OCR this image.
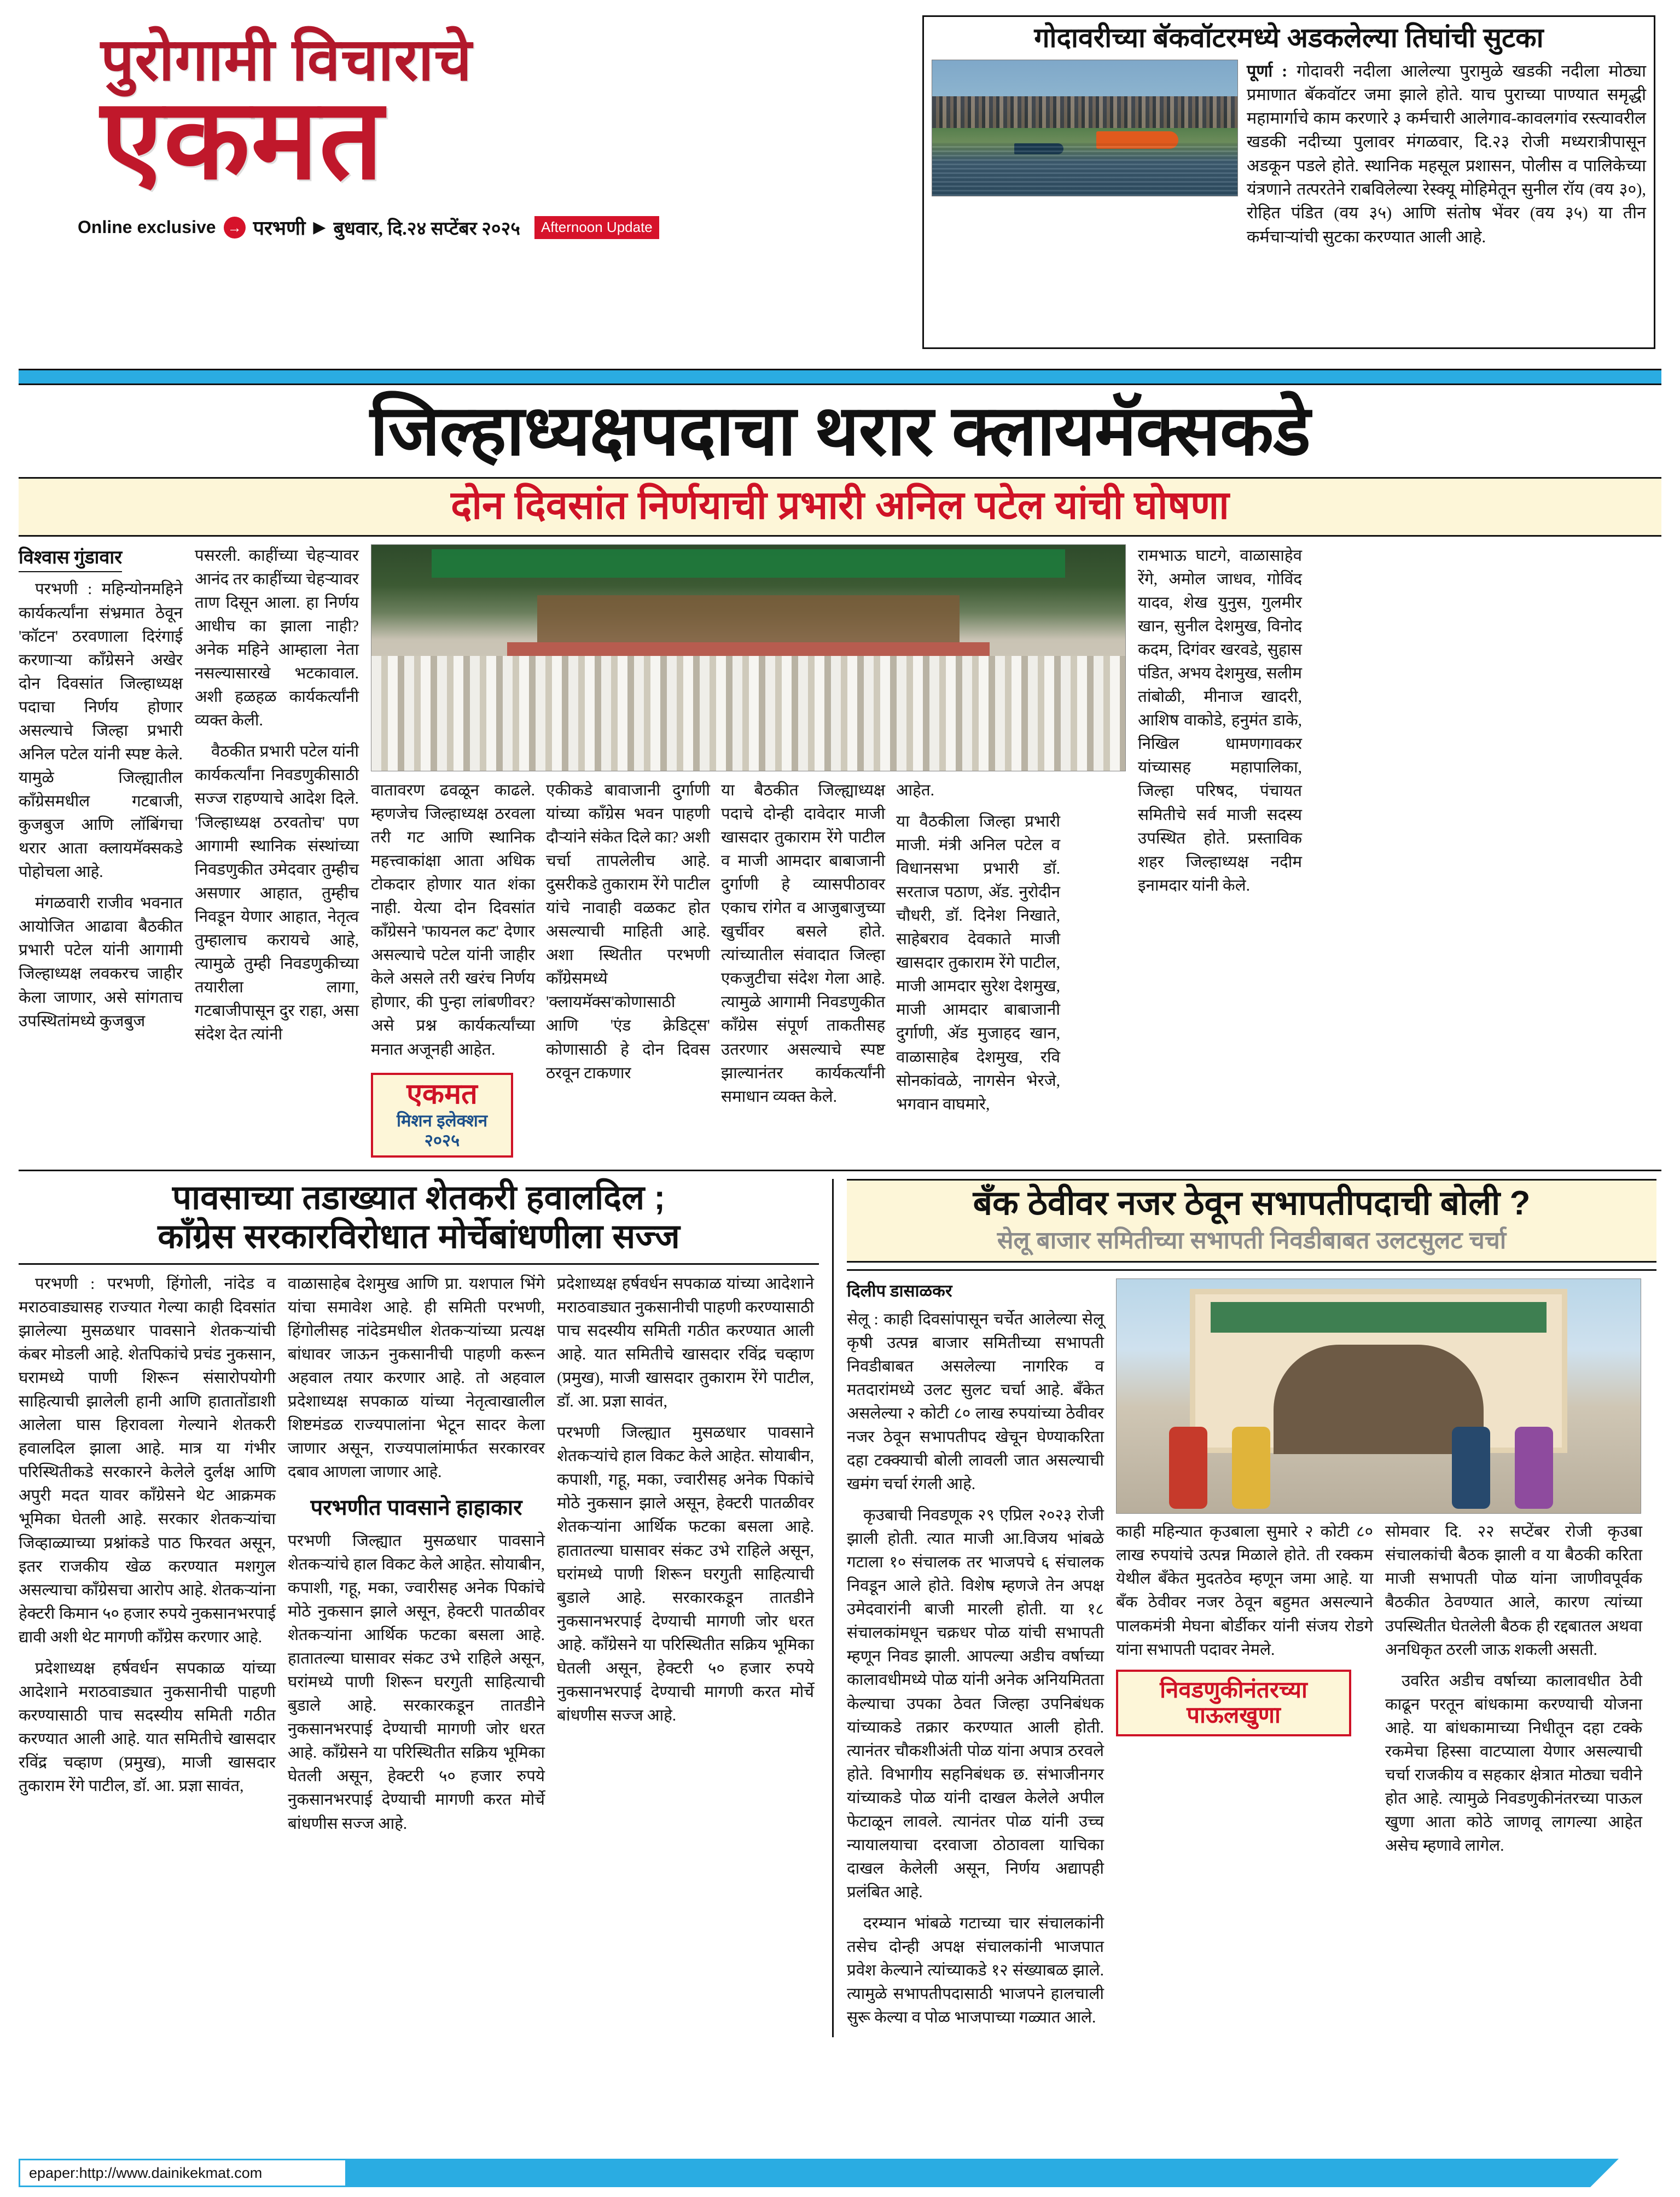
पुरोगामी विचाराचे
एकमत
Online exclusive → परभणी ▶ बुधवार, दि.२४ सप्टेंबर २०२५	Afternoon Update
गोदावरीच्या बॅकवॉटरमध्ये अडकलेल्या तिघांची सुटका
पूर्णा : गोदावरी नदीला आलेल्या पुरामुळे खडकी नदीला मोठ्या प्रमाणात बॅकवॉटर जमा झाले होते. याच पुराच्या पाण्यात समृद्धी महामार्गाचे काम करणारे ३ कर्मचारी आलेगाव-कावलगांव रस्त्यावरील खडकी नदीच्या पुलावर मंगळवार, दि.२३ रोजी मध्यरात्रीपासून अडकून पडले होते. स्थानिक महसूल प्रशासन, पोलीस व पालिकेच्या यंत्रणाने तत्परतेने राबविलेल्या रेस्क्यू मोहिमेतून सुनील रॉय (वय ३०), रोहित पंडित (वय ३५) आणि संतोष भेंवर (वय ३५) या तीन कर्मचाऱ्यांची सुटका करण्यात आली आहे.
जिल्हाध्यक्षपदाचा थरार क्लायमॅक्सकडे
दोन दिवसांत निर्णयाची प्रभारी अनिल पटेल यांची घोषणा
विश्वास गुंडावार

परभणी : महिन्योनमहिने कार्यकर्त्यांना संभ्रमात ठेवून 'कॉटन' ठरवणाला दिरंगाई करणाऱ्या काँग्रेसने अखेर दोन दिवसांत जिल्हाध्यक्ष पदाचा निर्णय होणार असल्याचे जिल्हा प्रभारी अनिल पटेल यांनी स्पष्ट केले. यामुळे जिल्ह्यातील काँग्रेसमधील गटबाजी, कुजबुज आणि लॉबिंगचा थरार आता क्लायमॅक्सकडे पोहोचला आहे.

मंगळवारी राजीव भवनात आयोजित आढावा बैठकीत प्रभारी पटेल यांनी आगामी जिल्हाध्यक्ष लवकरच जाहीर केला जाणार, असे सांगताच उपस्थितांमध्ये कुजबुज

पसरली. काहींच्या चेहऱ्यावर आनंद तर काहींच्या चेहऱ्यावर ताण दिसून आला. हा निर्णय आधीच का झाला नाही? अनेक महिने आम्हाला नेता नसल्यासारखे भटकावाल. अशी हळहळ कार्यकर्त्यांनी व्यक्त केली.

वैठकीत प्रभारी पटेल यांनी कार्यकर्त्यांना निवडणुकीसाठी सज्ज राहण्याचे आदेश दिले. 'जिल्हाध्यक्ष ठरवतोच' पण आगामी स्थानिक संस्थांच्या निवडणुकीत उमेदवार तुम्हीच असणार आहात, तुम्हीच निवडून येणार आहात, नेतृत्व तुम्हालाच करायचे आहे, त्यामुळे तुम्ही निवडणुकीच्या तयारीला लागा, गटबाजीपासून दुर राहा, असा संदेश देत त्यांनी

वातावरण ढवळून काढले. म्हणजेच जिल्हाध्यक्ष ठरवला तरी गट आणि स्थानिक महत्त्वाकांक्षा आता अधिक टोकदार होणार यात शंका नाही. येत्या दोन दिवसांत काँग्रेसने 'फायनल कट' देणार असल्याचे पटेल यांनी जाहीर केले असले तरी खरंच निर्णय होणार, की पुन्हा लांबणीवर? असे प्रश्न कार्यकर्त्यांच्या मनात अजूनही आहेत.

एकमत
मिशन इलेक्शन
२०२५

एकीकडे बावाजानी दुर्गाणी यांच्या काँग्रेस भवन पाहणी दौऱ्यांने संकेत दिले का? अशी चर्चा ताप‍लेलीच आहे. दुसरीकडे तुकाराम रेंगे पाटील यांचे नावाही वळकट होत असल्याची माहिती आहे. अशा स्थितीत परभणी काँग्रेसमध्ये 'क्लायमॅक्स'कोणासाठी आणि 'एंड क्रेडिट्स' कोणासाठी हे दोन दिवस ठरवून टाकणार

या बैठकीत जिल्ह्याध्यक्ष पदाचे दोन्ही दावेदार माजी खासदार तुकाराम रेंगे पाटील व माजी आमदार बाबाजानी दुर्गाणी हे व्यासपीठावर एकाच रांगेत व आजुबाजुच्या खुर्चीवर बसले होते. त्यांच्यातील संवादात जिल्हा एकजुटीचा संदेश गेला आहे. त्यामुळे आगामी निवडणुकीत काँग्रेस संपूर्ण ताकतीसह उतरणार असल्याचे स्पष्ट झाल्यानंतर कार्यकर्त्यांनी समाधान व्यक्त केले.

आहेत.

या वैठकीला जिल्हा प्रभारी माजी. मंत्री अनिल पटेल व विधानसभा प्रभारी डॉ. सरताज पठाण, अ‍ॅड. नुरोदीन चौधरी, डॉ. दिनेश निखाते, साहेबराव देवकाते माजी खासदार तुकाराम रेंगे पाटील, माजी आमदार सुरेश देशमुख, माजी आमदार बाबाजानी दुर्गाणी, अ‍ॅड मुजाहद खान, वाळासाहेब देशमुख, रवि सोनकांवळे, नागसेन भेरजे, भगवान वाघमारे,

रामभाऊ घाटगे, वाळासाहेव रेंगे, अमोल जाधव, गोविंद यादव, शेख युनुस, गुलमीर खान, सुनील देशमुख, विनोद कदम, दिगंवर खरवडे, सुहास पंडित, अभय देशमुख, सलीम तांबोळी, मीनाज खादरी, आशिष वाकोडे, हनुमंत डाके, निखिल धामणगावकर यांच्यासह महापालिका, जिल्हा परिषद, पंचायत समितीचे सर्व माजी सदस्य उपस्थित होते. प्रस्ताविक शहर जिल्हाध्यक्ष नदीम इनामदार यांनी केले.

पावसाच्या तडाख्यात शेतकरी हवालदिल ;
काँग्रेस सरकारविरोधात मोर्चेबांधणीला सज्ज

परभणी : परभणी, हिंगोली, नांदेड व मराठवाड्यासह राज्यात गेल्या काही दिवसांत झालेल्या मुसळधार पावसाने शेतकऱ्यांची कंबर मोडली आहे. शेतपिकांचे प्रचंड नुकसान, घराम‍ध्ये पाणी शिरून संसारोपयोगी साहित्याची झालेली हानी आणि हातातोंडाशी आलेला घास हिरावला गेल्याने शेतकरी हवालदिल झाला आहे. मात्र या गंभीर परिस्थितीकडे सरकारने केलेले दुर्लक्ष आणि अपुरी मदत यावर काँग्रेसने थेट आक्रमक भूमिका घेतली आहे. सरकार शेतकऱ्यांचा जिव्हाळ्याच्या प्रश्नांकडे पाठ फिरवत असून, इतर राजकीय खेळ करण्यात मशगुल असल्याचा काँग्रेसचा आरोप आहे. शेतकऱ्यांना हेक्टरी किमान ५० हजार रुपये नुकसानभरपाई द्यावी अशी थेट मागणी काँग्रेस करणार आहे.

प्रदेशाध्यक्ष हर्षवर्धन सपकाळ यांच्या आदेशाने मराठवाड्यात नुकसानीची पाहणी करण्यासाठी पाच सदस्यीय समिती गठीत करण्यात आली आहे. यात समितीचे खासदार रविंद्र चव्हाण (प्रमुख), माजी खासदार तुकाराम रेंगे पाटील, डॉ. आ. प्रज्ञा सावंत,

वाळासाहेब देशमुख आणि प्रा. यशपाल भिंगे यांचा समावेश आहे. ही समिती परभणी, हिंगोलीसह नांदेडम‍धील शेतकऱ्यांच्या प्रत्यक्ष बांधावर जाऊन नुकसानीची पाहणी करून अहवाल तयार करणार आहे. तो अहवाल प्रदेशाध्यक्ष सपकाळ यांच्या नेतृत्वाखालील शिष्टमंडळ राज्यपालांना भेटून सादर केला जाणार असून, राज्यपालांमार्फत सरकारवर दबाव आणला जाणार आहे.

परभणीत पावसाने हाहाकार

परभणी जिल्ह्यात मुसळधार पावसाने शेतकऱ्यांचे हाल विकट केले आहेत. सोयाबीन, कपाशी, गहू, मका, ज्वारीसह अनेक पिकांचे मोठे नुकसान झाले असून, हेक्टरी पातळीवर शेतकऱ्यांना आर्थिक फटका बसला आहे. हातातल्या घासावर संकट उभे राहिले असून, घरांमध्ये पाणी शिरून घरगुती साहित्याची बुडाले आहे. सरकारकडून तातडीने नुकसानभरपाई देण्याची मागणी जोर धरत आहे. काँग्रेसने या परिस्थितीत सक्रिय भूमिका घेतली असून, हेक्टरी ५० हजार रुपये नुकसानभरपाई देण्याची मागणी करत मोर्चे बांधणीस सज्ज आहे.

प्रदेशाध्यक्ष हर्षवर्धन सपकाळ यांच्या आदेशाने मराठवाड्यात नुकसानीची पाहणी करण्यासाठी पाच सदस्यीय समिती गठीत करण्यात आली आहे. यात समितीचे खासदार रविंद्र चव्हाण (प्रमुख), माजी खासदार तुकाराम रेंगे पाटील, डॉ. आ. प्रज्ञा सावंत,

परभणी जिल्ह्यात मुसळधार पावसाने शेतकऱ्यांचे हाल विकट केले आहेत. सोयाबीन, कपाशी, गहू, मका, ज्वारीसह अनेक पिकांचे मोठे नुकसान झाले असून, हेक्टरी पातळीवर शेतकऱ्यांना आर्थिक फटका बसला आहे. हातातल्या घासावर संकट उभे राहिले असून, घरांमध्ये पाणी शिरून घरगुती साहित्याची बुडाले आहे. सरकारकडून तातडीने नुकसानभरपाई देण्याची मागणी जोर धरत आहे. काँग्रेसने या परिस्थितीत सक्रिय भूमिका घेतली असून, हेक्टरी ५० हजार रुपये नुकसानभरपाई देण्याची मागणी करत मोर्चे बांधणीस सज्ज आहे.

बँक ठेवीवर नजर ठेवून सभापतीपदाची बोली ?
सेलू बाजार समितीच्या सभापती निवडीबाबत उलटसुलट चर्चा
दिलीप डासाळकर

सेलू : काही दिवसांपासून चर्चेत आलेल्या सेलू कृषी उत्पन्न बाजार समितीच्या सभापती निवडीबाबत असलेल्या नागरिक व मतदारांमध्ये उलट सुलट चर्चा आहे. बँकेत असलेल्या २ कोटी ८० लाख रुपयांच्या ठेवीवर नजर ठेवून सभापतीपद खेचून घेण्याकरिता दहा टक्क्याची बोली लावली जात असल्याची खमंग चर्चा रंगली आहे.

कृउबाची निवडणूक २९ एप्रिल २०२३ रोजी झाली होती. त्यात माजी आ.विजय भांबळे गटाला १० संचालक तर भाजपचे ६ संचालक निवडून आले होते. विशेष म्हणजे तेन अपक्ष उमेदवारांनी बाजी मारली होती. या १८ संचालकांमधून चक्रधर पोळ यांची सभापती म्हणून निवड झाली. आपल्या अडीच वर्षाच्या कालावधीमध्ये पोळ यांनी अनेक अनियमितता केल्याचा उपका ठेवत जिल्हा उपनिबंधक यांच्याकडे तक्रार करण्यात आली होती. त्यानंतर चौकशीअंती पोळ यांना अपात्र ठरवले होते. विभागीय सहनिबंधक छ. संभाजीनगर यांच्याकडे पोळ यांनी दाखल केलेले अपील फेटाळून लावले. त्यानंतर पोळ यांनी उच्च न्यायालयाचा दरवाजा ठोठावला याचिका दाखल केलेली असून, निर्णय अद्यापही प्रलंबित आहे.

दरम्यान भांबळे गटाच्या चार संचालकांनी तसेच दोन्ही अपक्ष संचालकांनी भाजपात प्रवेश केल्याने त्यांच्याकडे १२ संख्याबळ झाले. त्यामुळे सभापतीपदासाठी भाजपने हालचाली सुरू केल्या व पोळ भाजपाच्या गळ्यात आले.

काही महिन्यात कृउबाला सुमारे २ कोटी ८० लाख रुपयांचे उत्पन्न मिळाले होते. ती रक्कम येथील बँकेत मुदतठेव म्हणून जमा आहे. या बँक ठेवीवर नजर ठेवून बहुमत असल्याने पालकमंत्री मेघना बोर्डीकर यांनी संजय रोडगे यांना सभापती पदावर नेमले.

निवडणुकीनंतरच्या
पाऊलखुणा

सोमवार दि. २२ सप्टेंबर रोजी कृउबा संचालकांची बैठक झाली व या बैठकी करिता माजी सभापती पोळ यांना जाणीवपूर्वक बैठकीत ठेवण्यात आले, कारण त्यांच्या उपस्थितीत घेतलेली बैठक ही रद्दबातल अथवा अनधिकृत ठरली जाऊ शकली असती.

उवरित अडीच वर्षाच्या कालावधीत ठेवी काढून परतून बांधकामा करण्याची योजना आहे. या बांधकामाच्या निधीतून दहा टक्के रकमेचा हिस्सा वाटप्याला येणार असल्याची चर्चा राजकीय व सहकार क्षेत्रात मोठ्या चवीने होत आहे. त्यामुळे निवडणुकीनंतरच्या पाऊल खुणा आता कोठे जाणवू लागल्या आहेत असेच म्हणावे लागेल.

epaper:http://www.dainikekmat.com
